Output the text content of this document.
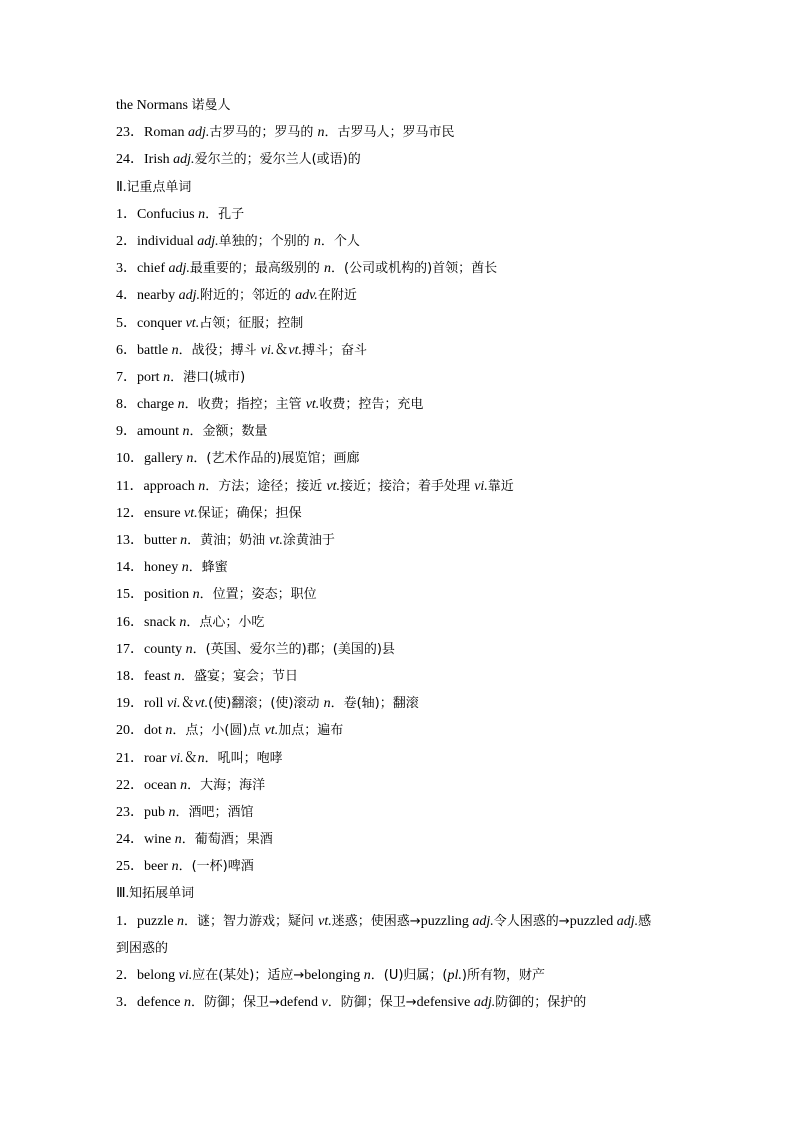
the Normans 诺曼人
23．Roman adj.古罗马的；罗马的 n．古罗马人；罗马市民
24．Irish adj.爱尔兰的；爱尔兰人(或语)的
Ⅱ.记重点单词
1．Confucius n．孔子
2．individual adj.单独的；个别的 n．个人
3．chief adj.最重要的；最高级别的 n．(公司或机构的)首领；酋长
4．nearby adj.附近的；邻近的 adv.在附近
5．conquer vt.占领；征服；控制
6．battle n．战役；搏斗 vi.＆vt.搏斗；奋斗
7．port n．港口(城市)
8．charge n．收费；指控；主管 vt.收费；控告；充电
9．amount n．金额；数量
10．gallery n．(艺术作品的)展览馆；画廊
11．approach n．方法；途径；接近 vt.接近；接洽；着手处理 vi.靠近
12．ensure vt.保证；确保；担保
13．butter n．黄油；奶油 vt.涂黄油于
14．honey n．蜂蜜
15．position n．位置；姿态；职位
16．snack n．点心；小吃
17．county n．(英国、爱尔兰的)郡；(美国的)县
18．feast n．盛宴；宴会；节日
19．roll vi.＆vt.(使)翻滚；(使)滚动 n．卷(轴)；翻滚
20．dot n．点；小(圆)点 vt.加点；遍布
21．roar vi.＆n．吼叫；咆哮
22．ocean n．大海；海洋
23．pub n．酒吧；酒馆
24．wine n．葡萄酒；果酒
25．beer n．(一杯)啤酒
Ⅲ.知拓展单词
1．puzzle n．谜；智力游戏；疑问 vt.迷惑；使困惑→puzzling adj.令人困惑的→puzzled adj.感
到困惑的
2．belong vi.应在(某处)；适应→belonging n．(U)归属；(pl.)所有物，财产
3．defence n．防御；保卫→defend v．防御；保卫→defensive adj.防御的；保护的
